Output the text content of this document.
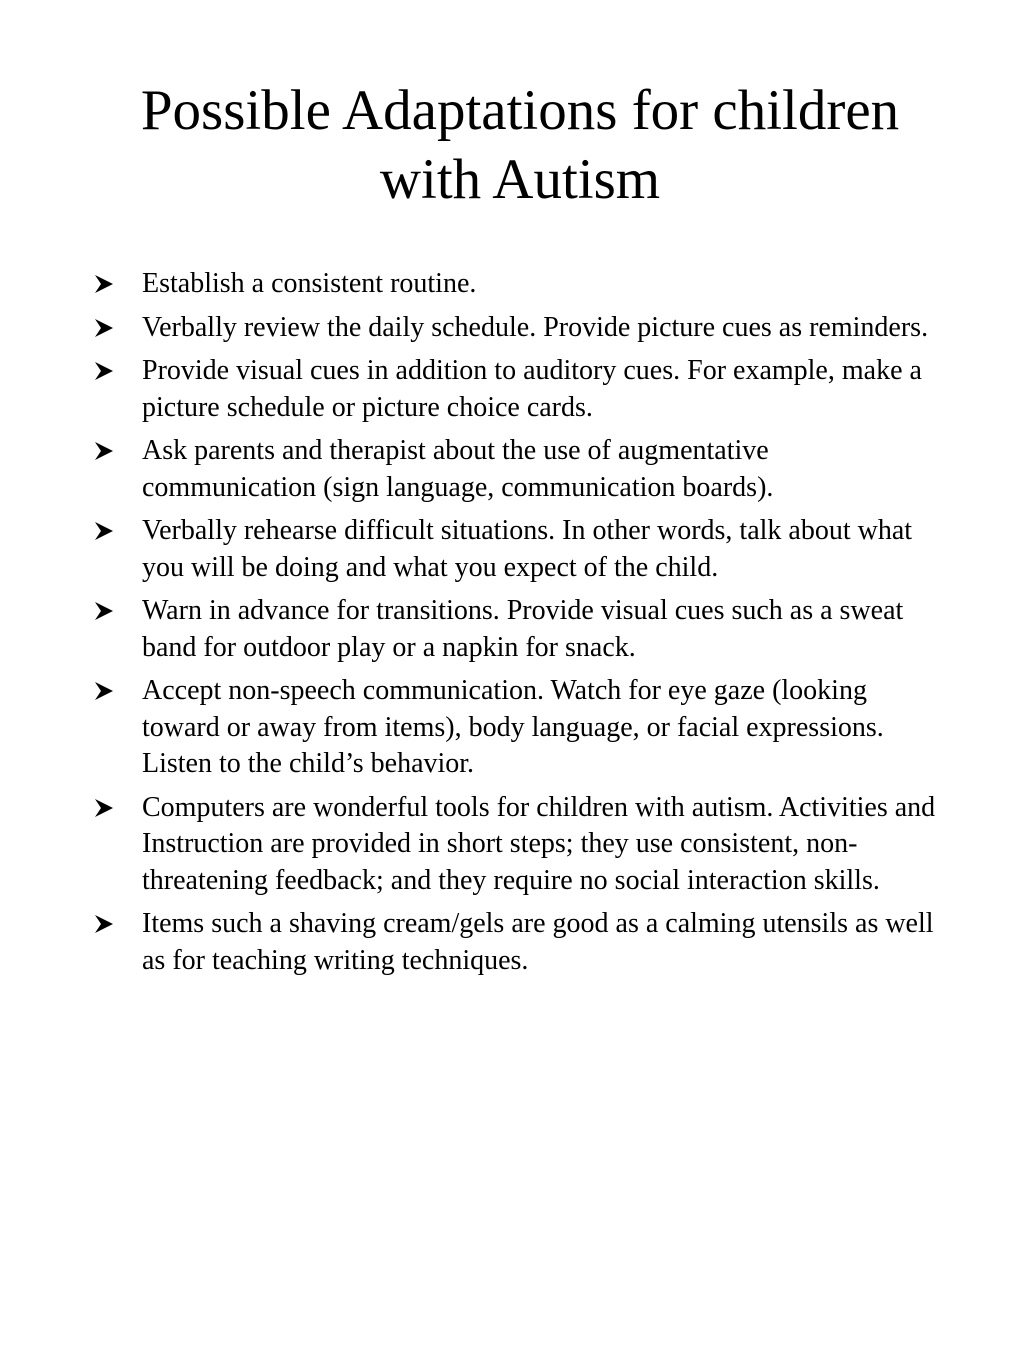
Possible Adaptations for children
with Autism
Establish a consistent routine.
Verbally review the daily schedule. Provide picture cues as reminders.
Provide visual cues in addition to auditory cues. For example, make a picture schedule or picture choice cards.
Ask parents and therapist about the use of augmentative communication (sign language, communication boards).
Verbally rehearse difficult situations. In other words, talk about what you will be doing and what you expect of the child.
Warn in advance for transitions. Provide visual cues such as a sweat band for outdoor play or a napkin for snack.
Accept non-speech communication. Watch for eye gaze (looking toward or away from items), body language, or facial expressions. Listen to the child’s behavior.
Computers are wonderful tools for children with autism. Activities and Instruction are provided in short steps; they use consistent, non-threatening feedback; and they require no social interaction skills.
Items such a shaving cream/gels are good as a calming utensils as well as for teaching writing techniques.
